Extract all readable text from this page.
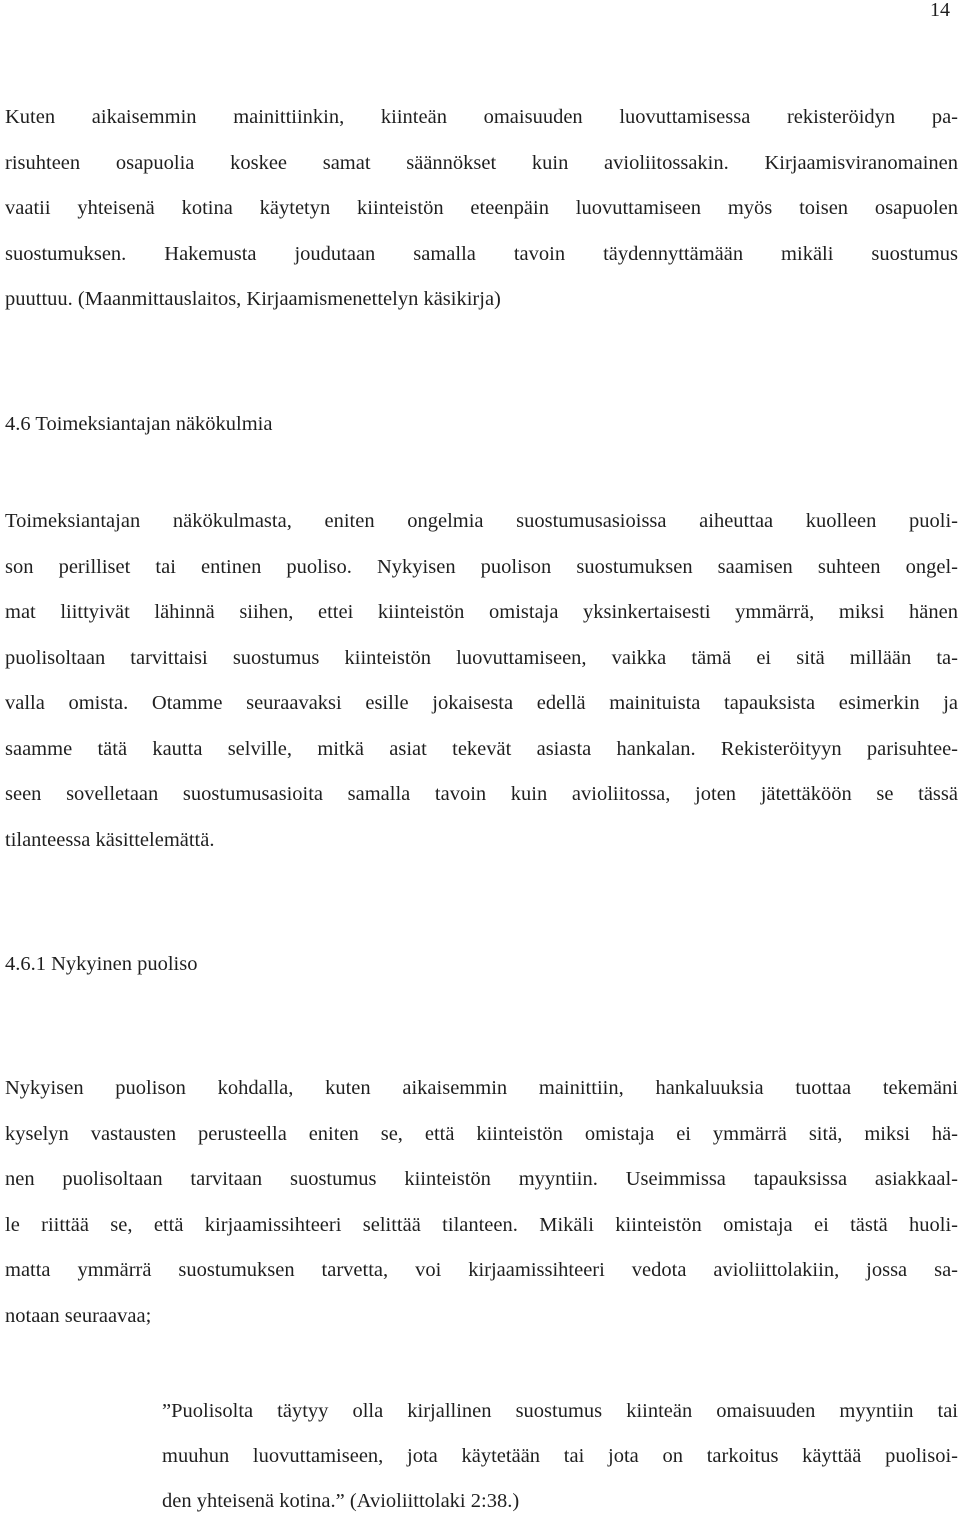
14

Kuten aikaisemmin mainittiinkin, kiinteän omaisuuden luovuttamisessa rekisteröidyn pa-
risuhteen osapuolia koskee samat säännökset kuin avioliitossakin. Kirjaamisviranomainen
vaatii yhteisenä kotina käytetyn kiinteistön eteenpäin luovuttamiseen myös toisen osapuolen
suostumuksen. Hakemusta joudutaan samalla tavoin täydennyttämään mikäli suostumus
puuttuu. (Maanmittauslaitos, Kirjaamismenettelyn käsikirja)

4.6 Toimeksiantajan näkökulmia

Toimeksiantajan näkökulmasta, eniten ongelmia suostumusasioissa aiheuttaa kuolleen puoli-
son perilliset tai entinen puoliso. Nykyisen puolison suostumuksen saamisen suhteen ongel-
mat liittyivät lähinnä siihen, ettei kiinteistön omistaja yksinkertaisesti ymmärrä, miksi hänen
puolisoltaan tarvittaisi suostumus kiinteistön luovuttamiseen, vaikka tämä ei sitä millään ta-
valla omista. Otamme seuraavaksi esille jokaisesta edellä mainituista tapauksista esimerkin ja
saamme tätä kautta selville, mitkä asiat tekevät asiasta hankalan. Rekisteröityyn parisuhtee-
seen sovelletaan suostumusasioita samalla tavoin kuin avioliitossa, joten jätettäköön se tässä
tilanteessa käsittelemättä.

4.6.1 Nykyinen puoliso

Nykyisen puolison kohdalla, kuten aikaisemmin mainittiin, hankaluuksia tuottaa tekemäni
kyselyn vastausten perusteella eniten se, että kiinteistön omistaja ei ymmärrä sitä, miksi hä-
nen puolisoltaan tarvitaan suostumus kiinteistön myyntiin. Useimmissa tapauksissa asiakkaal-
le riittää se, että kirjaamissihteeri selittää tilanteen. Mikäli kiinteistön omistaja ei tästä huoli-
matta ymmärrä suostumuksen tarvetta, voi kirjaamissihteeri vedota avioliittolakiin, jossa sa-
notaan seuraavaa;

”Puolisolta täytyy olla kirjallinen suostumus kiinteän omaisuuden myyntiin tai
muuhun luovuttamiseen, jota käytetään tai jota on tarkoitus käyttää puolisoi-
den yhteisenä kotina.” (Avioliittolaki 2:38.)
